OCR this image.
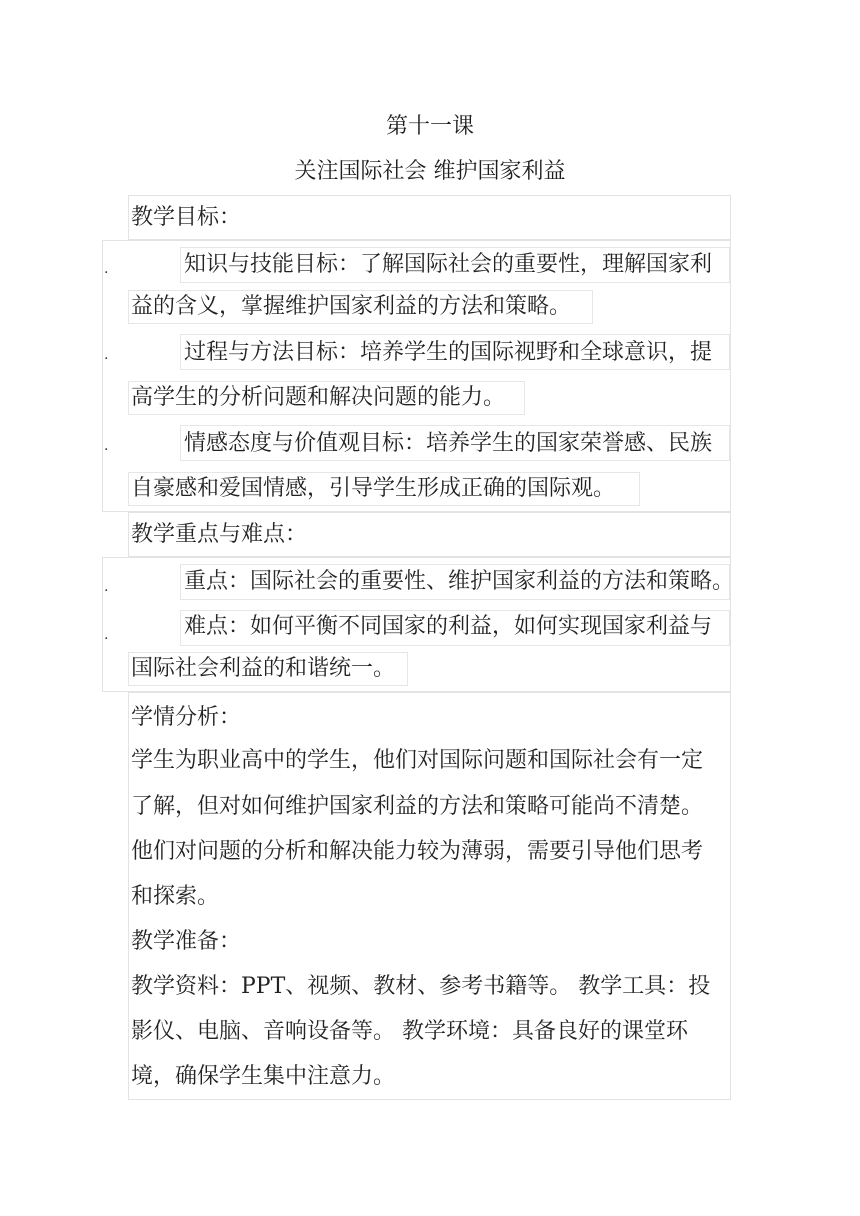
第十一课
关注国际社会 维护国家利益
教学目标：
.	知识与技能目标：了解国际社会的重要性，理解国家利
益的含义，掌握维护国家利益的方法和策略。
.	过程与方法目标：培养学生的国际视野和全球意识，提
高学生的分析问题和解决问题的能力。
.	情感态度与价值观目标：培养学生的国家荣誉感、民族
自豪感和爱国情感，引导学生形成正确的国际观。
教学重点与难点：
.	重点：国际社会的重要性、维护国家利益的方法和策略。
.	难点：如何平衡不同国家的利益，如何实现国家利益与
国际社会利益的和谐统一。
学情分析：
学生为职业高中的学生，他们对国际问题和国际社会有一定
了解，但对如何维护国家利益的方法和策略可能尚不清楚。
他们对问题的分析和解决能力较为薄弱，需要引导他们思考
和探索。
教学准备：
教学资料：PPT、视频、教材、参考书籍等。 教学工具：投
影仪、电脑、音响设备等。 教学环境：具备良好的课堂环
境，确保学生集中注意力。
